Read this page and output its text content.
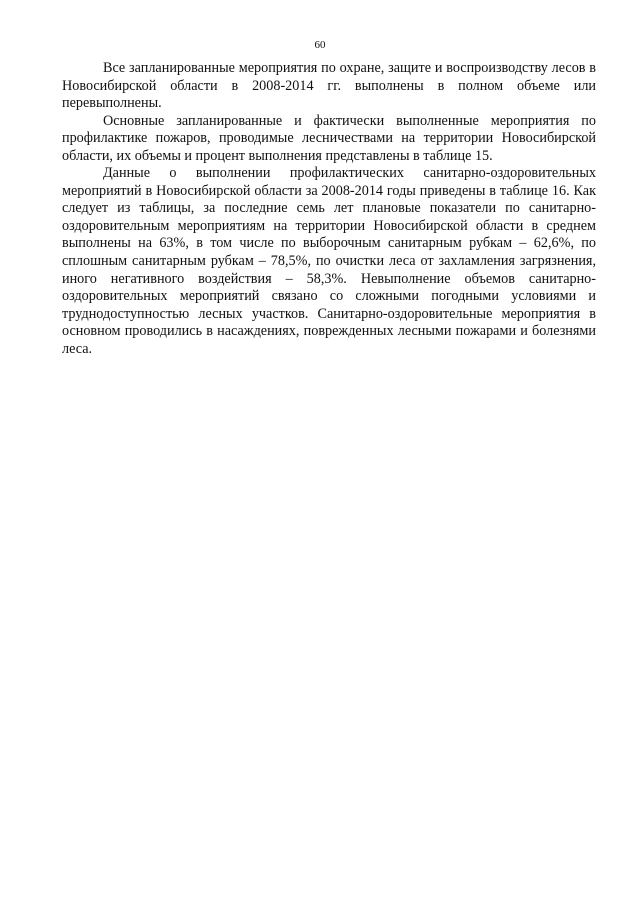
60

Все запланированные мероприятия по охране, защите и воспроизводству лесов в Новосибирской области в 2008-2014 гг. выполнены в полном объеме или перевыполнены.

Основные запланированные и фактически выполненные мероприятия по профилактике пожаров, проводимые лесничествами на территории Новосибирской области, их объемы и процент выполнения представлены в таблице 15.

Данные о выполнении профилактических санитарно-оздоровительных мероприятий в Новосибирской области за 2008-2014 годы приведены в таблице 16. Как следует из таблицы, за последние семь лет плановые показатели по санитарно-оздоровительным мероприятиям на территории Новосибирской области в среднем выполнены на 63%, в том числе по выборочным санитарным рубкам – 62,6%, по сплошным санитарным рубкам – 78,5%, по очистки леса от захламления загрязнения, иного негативного воздействия – 58,3%. Невыполнение объемов санитарно-оздоровительных мероприятий связано со сложными погодными условиями и труднодоступностью лесных участков. Санитарно-оздоровительные мероприятия в основном проводились в насаждениях, поврежденных лесными пожарами и болезнями леса.
